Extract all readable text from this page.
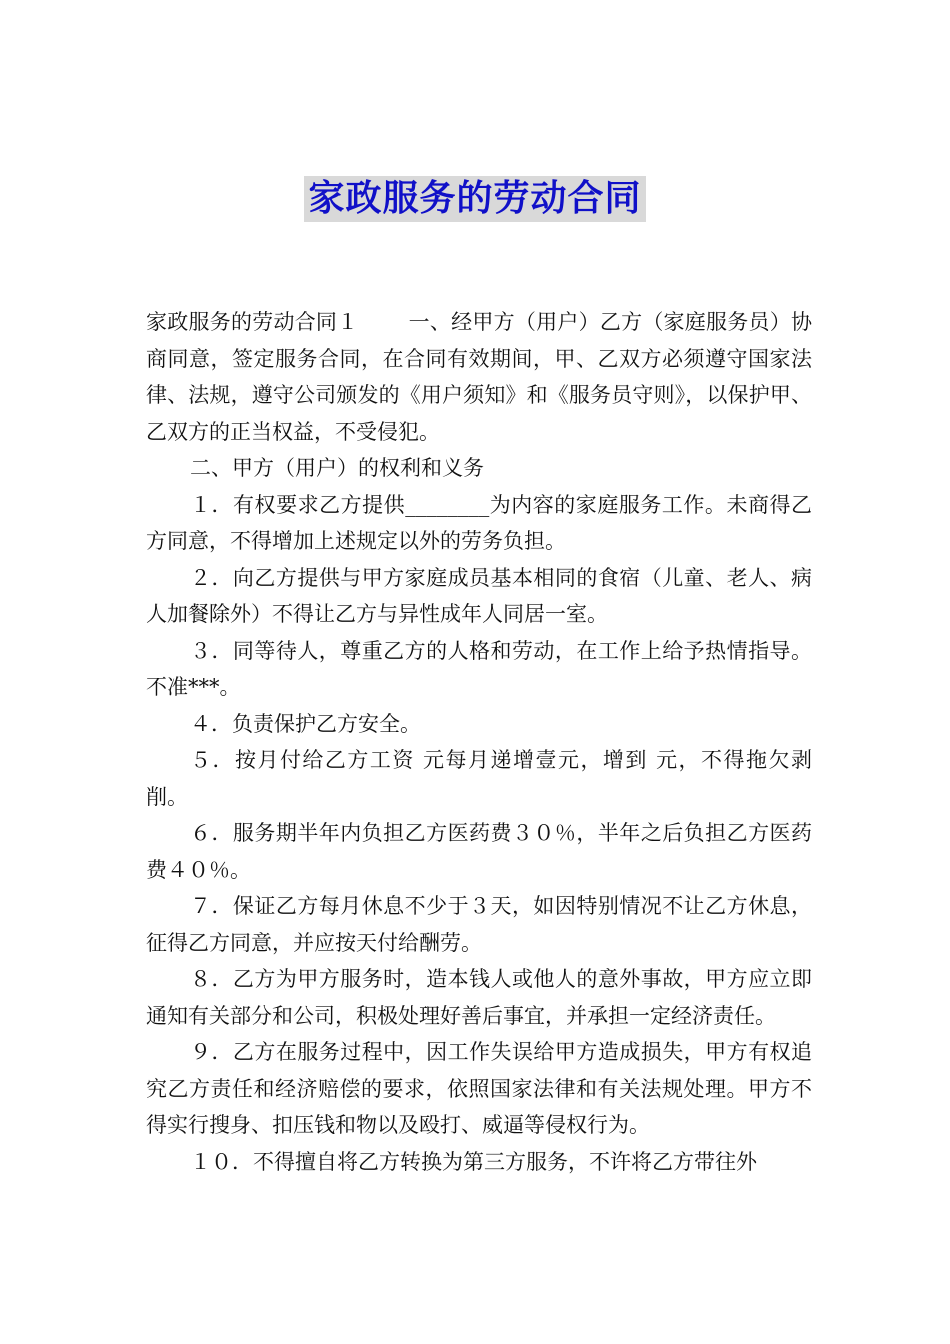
家政服务的劳动合同

家政服务的劳动合同１ 一、经甲方（用户）乙方（家庭服务员）协商同意，签定服务合同，在合同有效期间，甲、乙双方必须遵守国家法律、法规，遵守公司颁发的《用户须知》和《服务员守则》，以保护甲、乙双方的正当权益，不受侵犯。

二、甲方（用户）的权利和义务

１．有权要求乙方提供________为内容的家庭服务工作。未商得乙方同意，不得增加上述规定以外的劳务负担。

２．向乙方提供与甲方家庭成员基本相同的食宿（儿童、老人、病人加餐除外）不得让乙方与异性成年人同居一室。

３．同等待人，尊重乙方的人格和劳动，在工作上给予热情指导。不准***。

４．负责保护乙方安全。

５．按月付给乙方工资 元每月递增壹元，增到 元，不得拖欠剥削。

６．服务期半年内负担乙方医药费３０％，半年之后负担乙方医药费４０％。

７．保证乙方每月休息不少于３天，如因特别情况不让乙方休息，征得乙方同意，并应按天付给酬劳。

８．乙方为甲方服务时，造本钱人或他人的意外事故，甲方应立即通知有关部分和公司，积极处理好善后事宜，并承担一定经济责任。

９．乙方在服务过程中，因工作失误给甲方造成损失，甲方有权追究乙方责任和经济赔偿的要求，依照国家法律和有关法规处理。甲方不得实行搜身、扣压钱和物以及殴打、威逼等侵权行为。

１０．不得擅自将乙方转换为第三方服务，不许将乙方带往外
